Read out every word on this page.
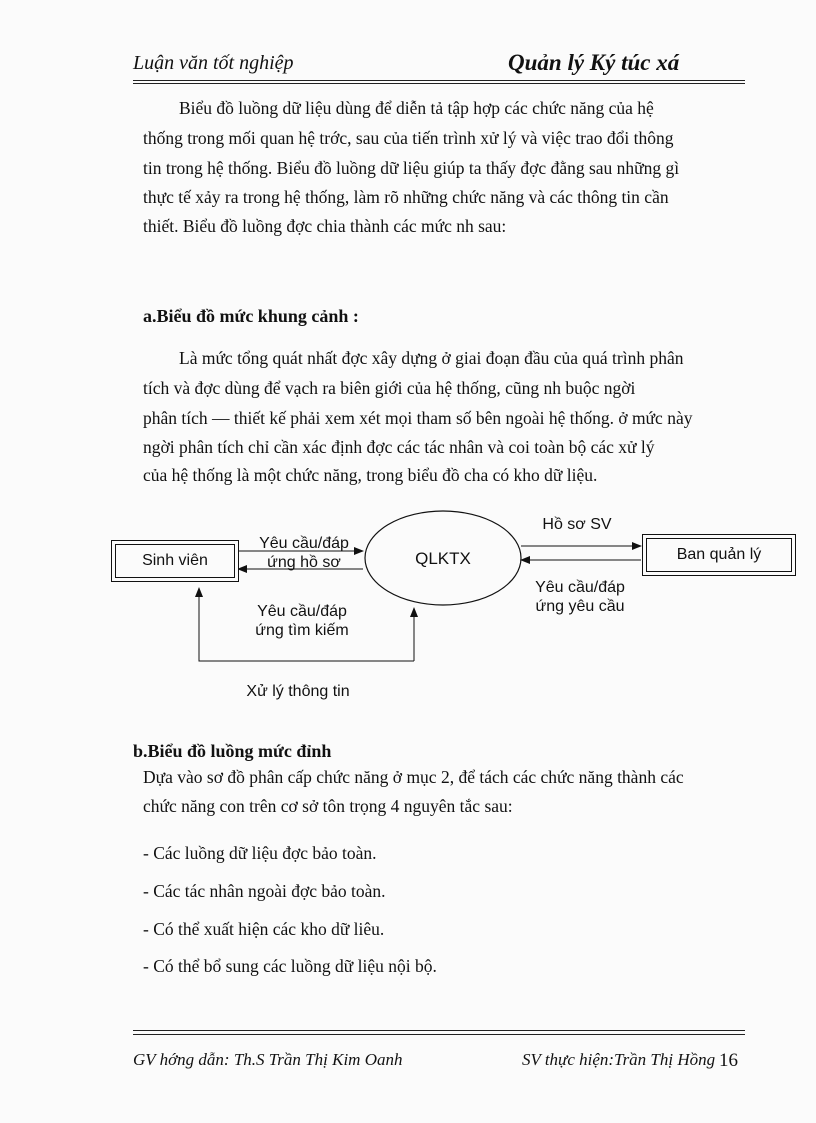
Luận văn tốt nghiệp	Quản lý Ký túc xá
Biểu đồ luồng dữ liệu dùng để diễn tả tập hợp các chức năng của hệ
thống trong mối quan hệ trớc, sau của tiến trình xử lý và việc trao đổi thông
tin trong hệ thống. Biểu đồ luồng dữ liệu giúp ta thấy đợc đằng sau những gì
thực tế xảy ra trong hệ thống, làm rõ những chức năng và các thông tin cần
thiết. Biểu đồ luồng đợc chia thành các mức nh sau:
a.Biểu đồ mức khung cảnh :
Là mức tổng quát nhất đợc xây dựng ở giai đoạn đầu của quá trình phân
tích và đợc dùng để vạch ra biên giới của hệ thống, cũng nh buộc ngời
phân tích — thiết kế phải xem xét mọi tham số bên ngoài hệ thống. ở mức này
ngời phân tích chỉ cần xác định đợc các tác nhân và coi toàn bộ các xử lý
của hệ thống là một chức năng, trong biểu đồ cha có kho dữ liệu.
Sinh viên	QLKTX	Ban quản lý
Yêu cầu/đáp
ứng hồ sơ
Hồ sơ SV
Yêu cầu/đáp
ứng yêu cầu
Yêu cầu/đáp
ứng tìm kiếm
Xử lý thông tin
b.Biểu đồ luồng mức đỉnh
Dựa vào sơ đồ phân cấp chức năng ở mục 2, để tách các chức năng thành các
chức năng con trên cơ sở tôn trọng 4 nguyên tắc sau:
- Các luồng dữ liệu đợc bảo toàn.
- Các tác nhân ngoài đợc bảo toàn.
- Có thể xuất hiện các kho dữ liêu.
- Có thể bổ sung các luồng dữ liệu nội bộ.
GV hớng dẫn: Th.S Trần Thị Kim Oanh	SV thực hiện:Trần Thị Hồng 16
